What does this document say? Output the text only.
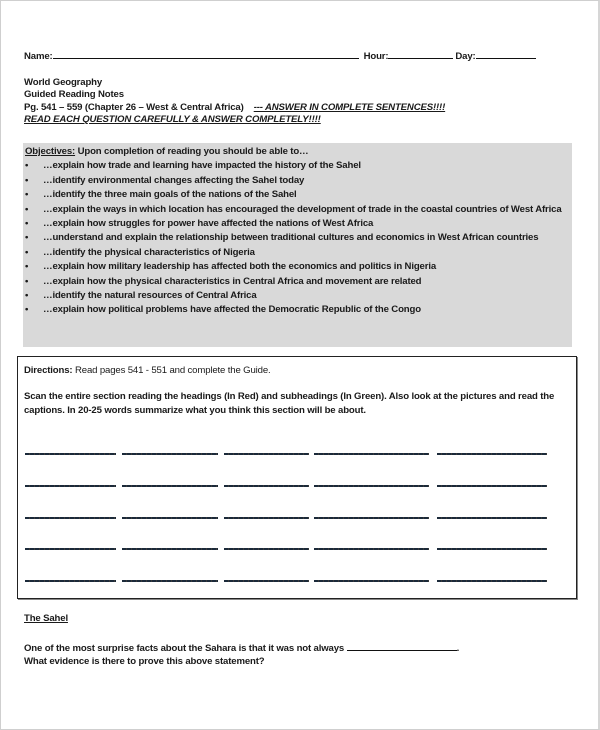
Name:	Hour:	Day:
World Geography
Guided Reading Notes
Pg. 541 – 559 (Chapter 26 – West & Central Africa) --- ANSWER IN COMPLETE SENTENCES!!!!
READ EACH QUESTION CAREFULLY & ANSWER COMPLETELY!!!!
Objectives: Upon completion of reading you should be able to…
• …explain how trade and learning have impacted the history of the Sahel
• …identify environmental changes affecting the Sahel today
• …identify the three main goals of the nations of the Sahel
• …explain the ways in which location has encouraged the development of trade in the coastal countries of West Africa
• …explain how struggles for power have affected the nations of West Africa
• …understand and explain the relationship between traditional cultures and economics in West African countries
• …identify the physical characteristics of Nigeria
• …explain how military leadership has affected both the economics and politics in Nigeria
• …explain how the physical characteristics in Central Africa and movement are related
• …identify the natural resources of Central Africa
• …explain how political problems have affected the Democratic Republic of the Congo
Directions: Read pages 541 - 551 and complete the Guide.
Scan the entire section reading the headings (In Red) and subheadings (In Green). Also look at the pictures and read the captions. In 20-25 words summarize what you think this section will be about.
The Sahel
One of the most surprise facts about the Sahara is that it was not always	.
What evidence is there to prove this above statement?
